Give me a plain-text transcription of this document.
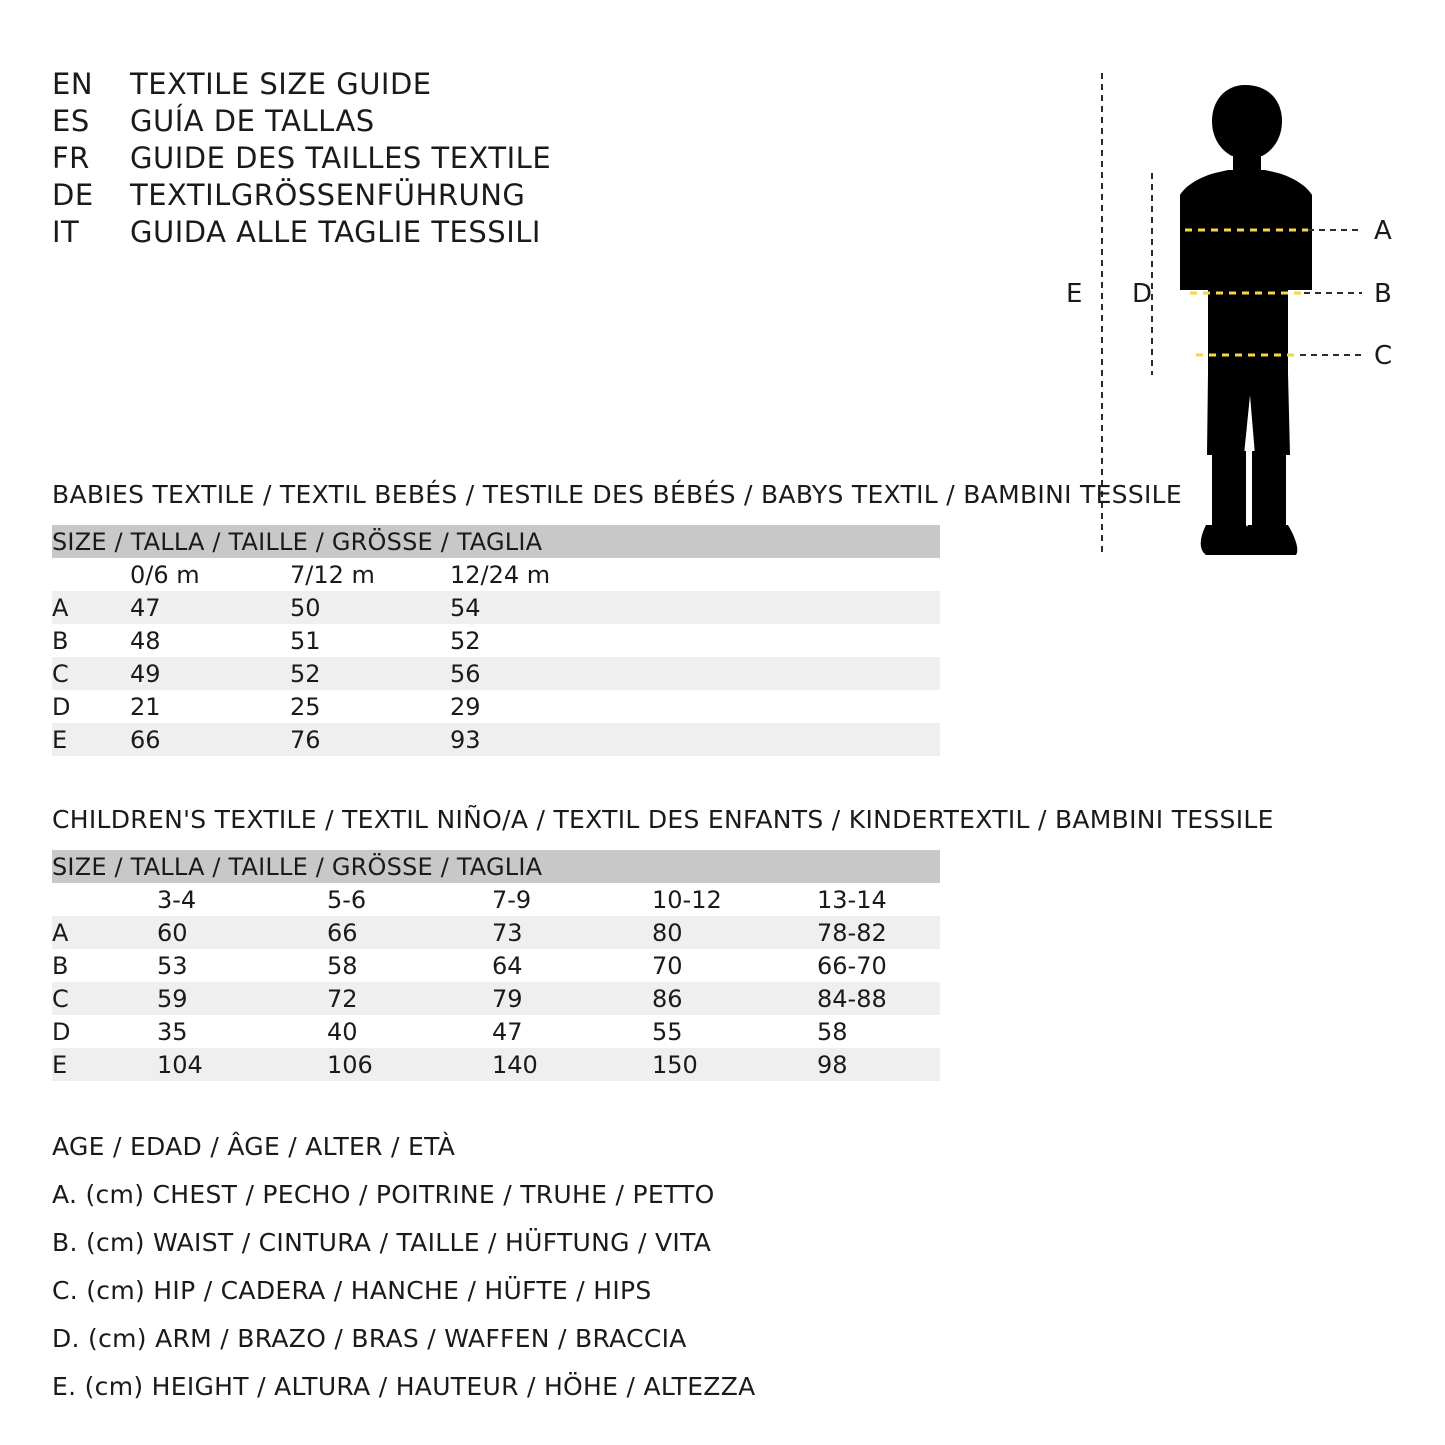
EN	TEXTILE SIZE GUIDE
ES	GUÍA DE TALLAS
FR	GUIDE DES TAILLES TEXTILE
DE	TEXTILGRÖSSENFÜHRUNG
IT	GUIDA ALLE TAGLIE TESSILI	A
B
C
D
E
BABIES TEXTILE / TEXTIL BEBÉS / TESTILE DES BÉBÉS / BABYS TEXTIL / BAMBINI TESSILE
SIZE / TALLA / TAILLE / GRÖSSE / TAGLIA				
	0/6 m	7/12 m	12/24 m	
A	47	50	54	
B	48	51	52	
C	49	52	56	
D	21	25	29	
E	66	76	93	
CHILDREN'S TEXTILE / TEXTIL NIÑO/A / TEXTIL DES ENFANTS / KINDERTEXTIL / BAMBINI TESSILE
SIZE / TALLA / TAILLE / GRÖSSE / TAGLIA					
	3-4	5-6	7-9	10-12	13-14
A	60	66	73	80	78-82
B	53	58	64	70	66-70
C	59	72	79	86	84-88
D	35	40	47	55	58
E	104	106	140	150	98
AGE / EDAD / ÂGE / ALTER / ETÀ
A. (cm) CHEST / PECHO / POITRINE / TRUHE / PETTO
B. (cm) WAIST / CINTURA / TAILLE / HÜFTUNG / VITA
C. (cm) HIP / CADERA / HANCHE / HÜFTE / HIPS
D. (cm) ARM / BRAZO / BRAS / WAFFEN / BRACCIA
E. (cm) HEIGHT / ALTURA / HAUTEUR / HÖHE / ALTEZZA
